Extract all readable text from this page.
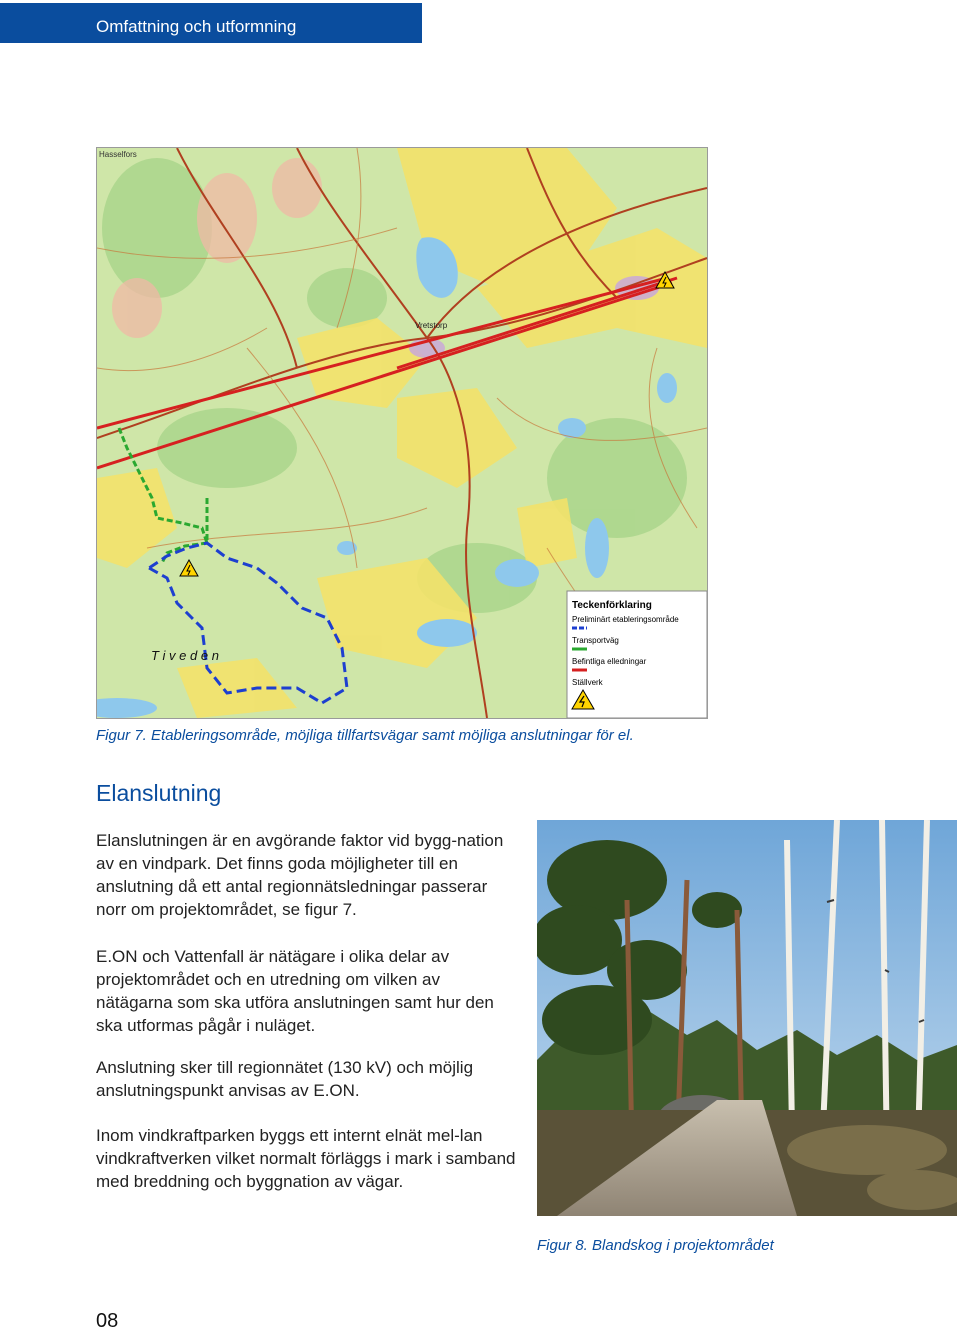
Omfattning och utformning
Hasselfors
Vretstorp
T i v e d e n
Teckenförklaring
Preliminärt etableringsområde
Transportväg
Befintliga elledningar
Ställverk
Figur 7. Etableringsområde, möjliga tillfartsvägar samt möjliga anslutningar för el.
Elanslutning

Elanslutningen är en avgörande faktor vid bygg-nation av en vindpark. Det finns goda möjligheter till en anslutning då ett antal regionnätsledningar passerar norr om projektområdet, se figur 7.

E.ON och Vattenfall är nätägare i olika delar av projektområdet och en utredning om vilken av nätägarna som ska utföra anslutningen samt hur den ska utformas pågår i nuläget.

Anslutning sker till regionnätet (130 kV) och möjlig anslutningspunkt anvisas av E.ON.

Inom vindkraftparken byggs ett internt elnät mel-lan vindkraftverken vilket normalt förläggs i mark i samband med breddning och byggnation av vägar.

Figur 8. Blandskog i projektområdet
08
